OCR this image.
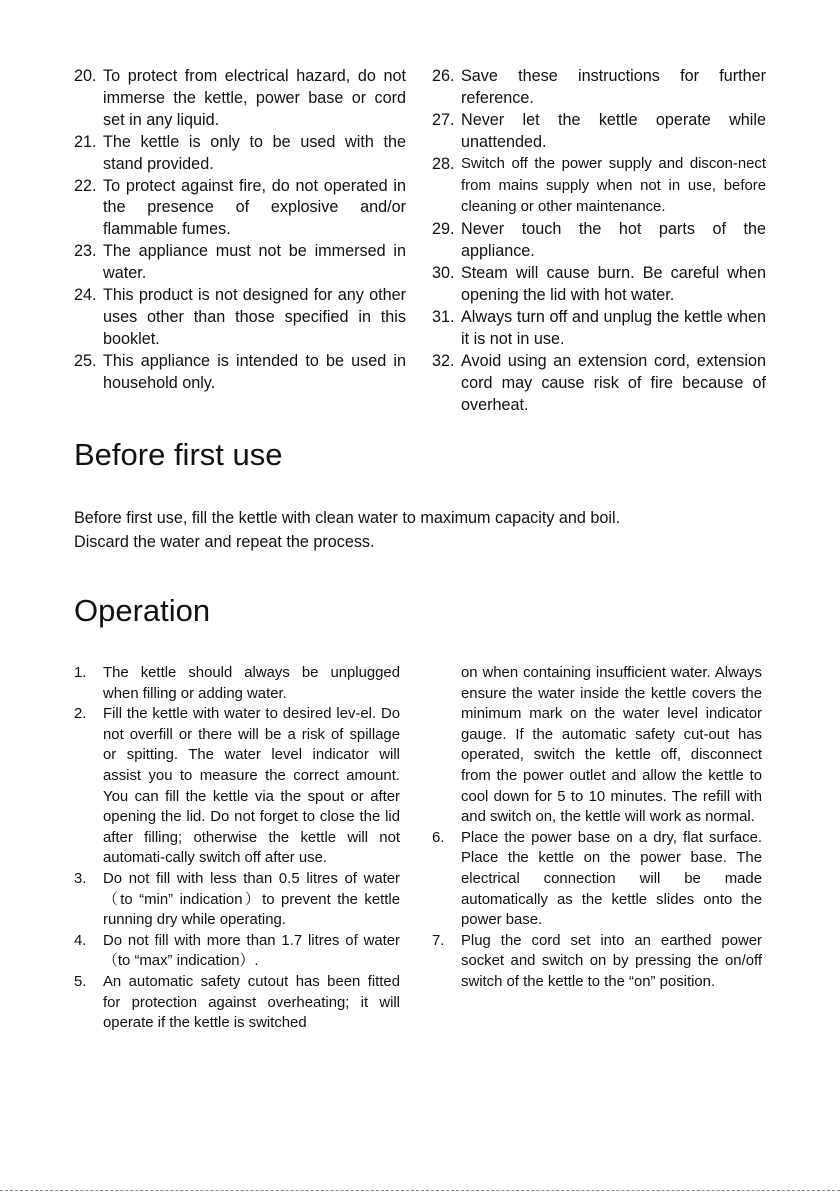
20. To protect from electrical hazard, do not immerse the kettle, power base or cord set in any liquid.
21. The kettle is only to be used with the stand provided.
22. To protect against fire, do not operated in the presence of explosive and/or flammable fumes.
23. The appliance must not be immersed in water.
24. This product is not designed for any other uses other than those specified in this booklet.
25. This appliance is intended to be used in household only.
26. Save these instructions for further reference.
27. Never let the kettle operate while unattended.
28. Switch off the power supply and discon-nect from mains supply when not in use, before cleaning or other maintenance.
29. Never touch the hot parts of the appliance.
30. Steam will cause burn. Be careful when opening the lid with hot water.
31. Always turn off and unplug the kettle when it is not in use.
32. Avoid using an extension cord, extension cord may cause risk of fire because of overheat.
Before first use

Before first use, fill the kettle with clean water to maximum capacity and boil.

Discard the water and repeat the process.

Operation
1.	The kettle should always be unplugged when filling or adding water.
2.	Fill the kettle with water to desired lev-el. Do not overfill or there will be a risk of spillage or spitting. The water level indicator will assist you to measure the correct amount. You can fill the kettle via the spout or after opening the lid. Do not forget to close the lid after filling; otherwise the kettle will not automati-cally switch off after use.
3.	Do not fill with less than 0.5 litres of water（to “min” indication）to prevent the kettle running dry while operating.
4.	Do not fill with more than 1.7 litres of water（to “max” indication）.
5.	An automatic safety cutout has been fitted for protection against overheating; it will operate if the kettle is switched
on when containing insufficient water. Always ensure the water inside the kettle covers the minimum mark on the water level indicator gauge. If the automatic safety cut-out has operated, switch the kettle off, disconnect from the power outlet and allow the kettle to cool down for 5 to 10 minutes. The refill with and switch on, the kettle will work as normal.
6.	Place the power base on a dry, flat surface. Place the kettle on the power base. The electrical connection will be made automatically as the kettle slides onto the power base.
7.	Plug the cord set into an earthed power socket and switch on by pressing the on/off switch of the kettle to the “on” position.
